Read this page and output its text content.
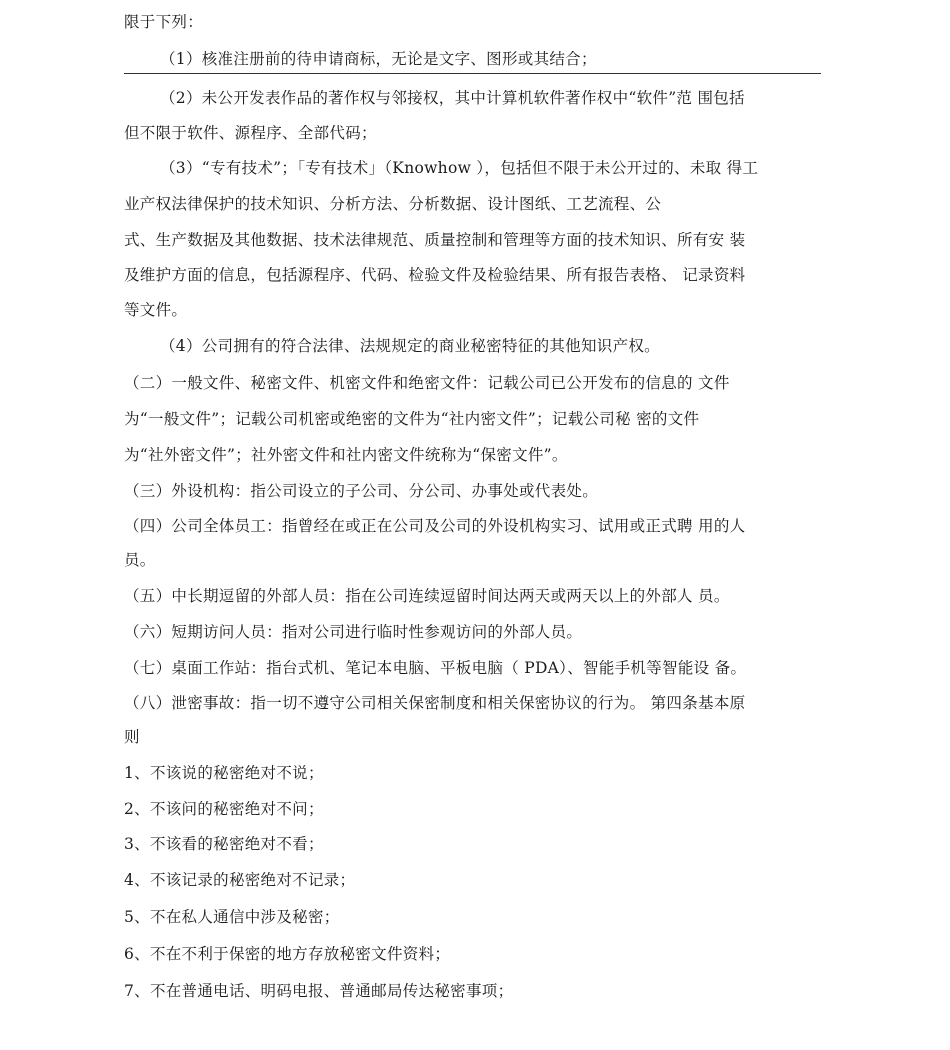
限于下列：
（1）核准注册前的待申请商标，无论是文字、图形或其结合；
（2）未公开发表作品的著作权与邻接权，其中计算机软件著作权中“软件”范 围包括
但不限于软件、源程序、全部代码；
（3）“专有技术”；「专有技术」（Knowhow ），包括但不限于未公开过的、未取 得工
业产权法律保护的技术知识、分析方法、分析数据、设计图纸、工艺流程、公
式、生产数据及其他数据、技术法律规范、质量控制和管理等方面的技术知识、所有安 装
及维护方面的信息，包括源程序、代码、检验文件及检验结果、所有报告表格、 记录资料
等文件。
（4）公司拥有的符合法律、法规规定的商业秘密特征的其他知识产权。
（二）一般文件、秘密文件、机密文件和绝密文件：记载公司已公开发布的信息的 文件
为“一般文件”；记载公司机密或绝密的文件为“社内密文件”；记载公司秘 密的文件
为“社外密文件”；社外密文件和社内密文件统称为“保密文件”。
（三）外设机构：指公司设立的子公司、分公司、办事处或代表处。
（四）公司全体员工：指曾经在或正在公司及公司的外设机构实习、试用或正式聘 用的人
员。
（五）中长期逗留的外部人员：指在公司连续逗留时间达两天或两天以上的外部人 员。
（六）短期访问人员：指对公司进行临时性参观访问的外部人员。
（七）桌面工作站：指台式机、笔记本电脑、平板电脑（ PDA）、智能手机等智能设 备。
（八）泄密事故：指一切不遵守公司相关保密制度和相关保密协议的行为。 第四条基本原
则
1、不该说的秘密绝对不说；
2、不该问的秘密绝对不问；
3、不该看的秘密绝对不看；
4、不该记录的秘密绝对不记录；
5、不在私人通信中涉及秘密；
6、不在不利于保密的地方存放秘密文件资料；
7、不在普通电话、明码电报、普通邮局传达秘密事项；
